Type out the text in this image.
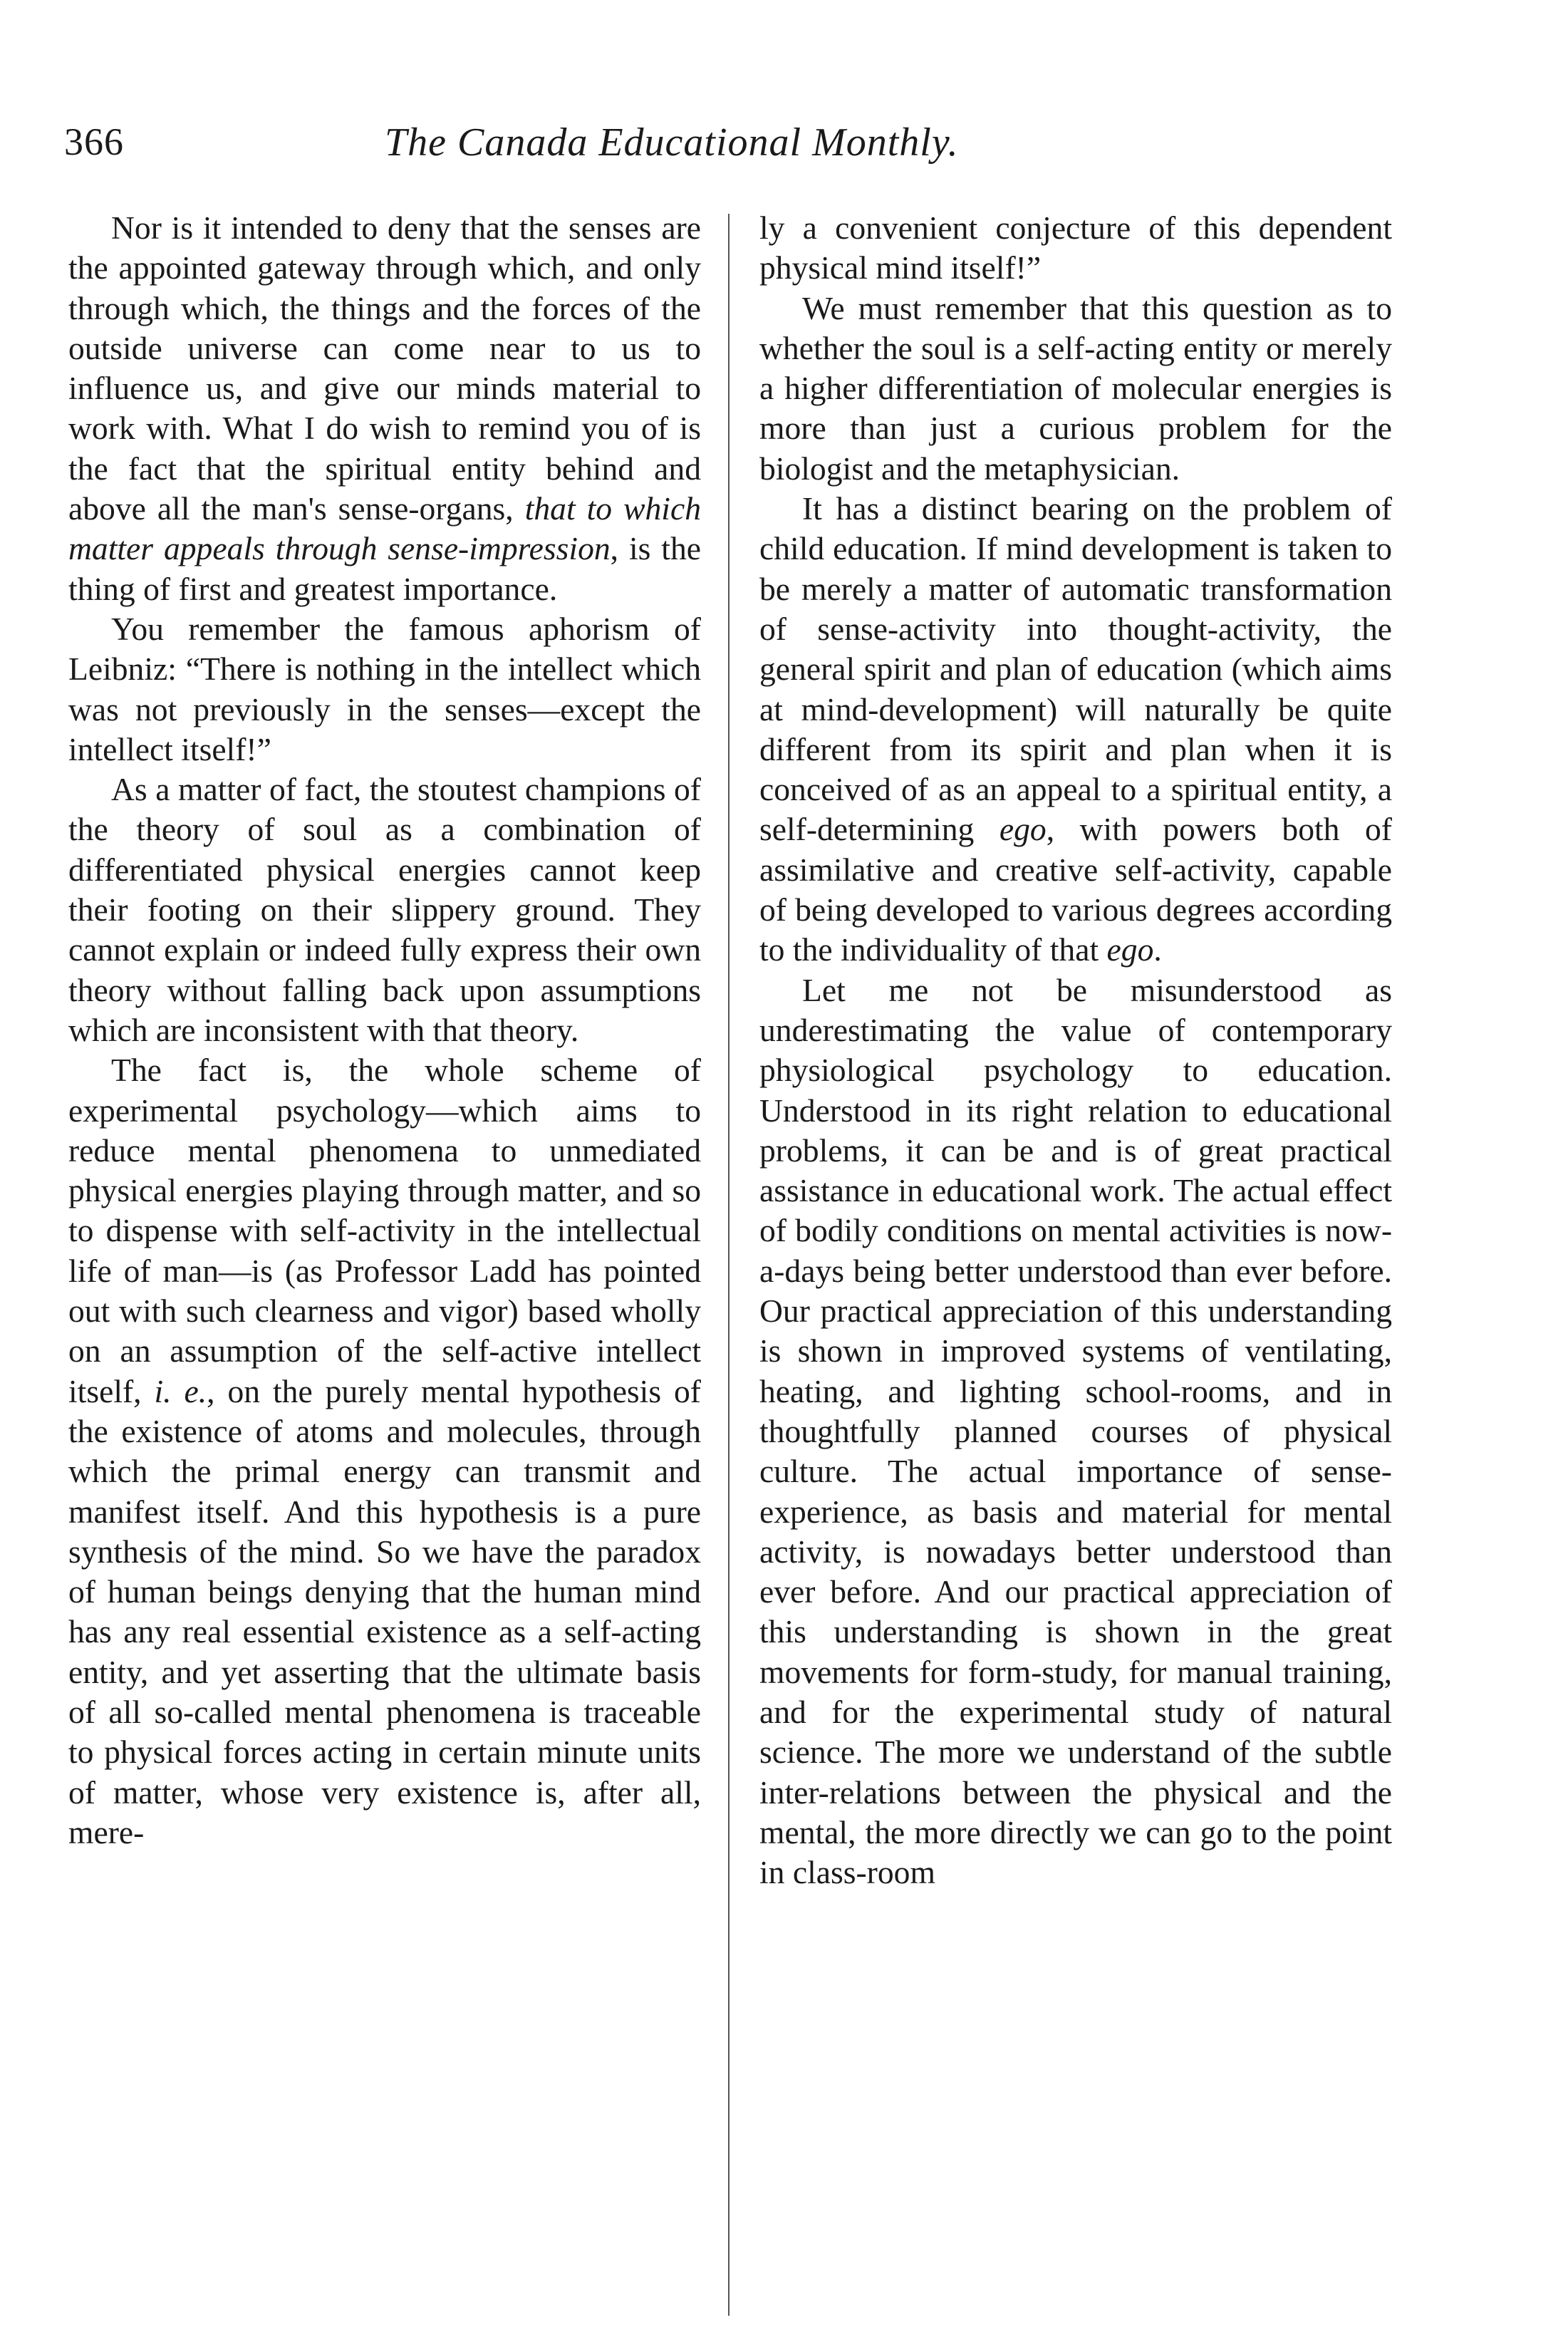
366	The Canada Educational Monthly.

Nor is it intended to deny that the senses are the appointed gateway through which, and only through which, the things and the forces of the outside universe can come near to us to influence us, and give our minds material to work with. What I do wish to remind you of is the fact that the spiritual entity behind and above all the man's sense-organs, that to which matter appeals through sense-impression, is the thing of first and greatest importance.

You remember the famous aphorism of Leibniz: “There is nothing in the intellect which was not previously in the senses—except the intellect itself!”

As a matter of fact, the stoutest champions of the theory of soul as a combination of differentiated physical energies cannot keep their footing on their slippery ground. They cannot explain or indeed fully express their own theory without falling back upon assumptions which are inconsistent with that theory.

The fact is, the whole scheme of experimental psychology—which aims to reduce mental phenomena to unmediated physical energies playing through matter, and so to dispense with self-activity in the intellectual life of man—is (as Professor Ladd has pointed out with such clearness and vigor) based wholly on an assumption of the self-active intellect itself, i. e., on the purely mental hypothesis of the existence of atoms and molecules, through which the primal energy can transmit and manifest itself. And this hypothesis is a pure synthesis of the mind. So we have the paradox of human beings denying that the human mind has any real essential existence as a self-acting entity, and yet asserting that the ultimate basis of all so-called mental phenomena is traceable to physical forces acting in certain minute units of matter, whose very existence is, after all, mere-

ly a convenient conjecture of this dependent physical mind itself!”

We must remember that this question as to whether the soul is a self-acting entity or merely a higher differentiation of molecular energies is more than just a curious problem for the biologist and the metaphysician.

It has a distinct bearing on the problem of child education. If mind development is taken to be merely a matter of automatic transformation of sense-activity into thought-activity, the general spirit and plan of education (which aims at mind-development) will naturally be quite different from its spirit and plan when it is conceived of as an appeal to a spiritual entity, a self-determining ego, with powers both of assimilative and creative self-activity, capable of being developed to various degrees according to the individuality of that ego.

Let me not be misunderstood as underestimating the value of contemporary physiological psychology to education. Understood in its right relation to educational problems, it can be and is of great practical assistance in educational work. The actual effect of bodily conditions on mental activities is now-a-days being better understood than ever before. Our practical appreciation of this understanding is shown in improved systems of ventilating, heating, and lighting school-rooms, and in thoughtfully planned courses of physical culture. The actual importance of sense-experience, as basis and material for mental activity, is nowadays better understood than ever before. And our practical appreciation of this understanding is shown in the great movements for form-study, for manual training, and for the experimental study of natural science. The more we understand of the subtle inter-relations between the physical and the mental, the more directly we can go to the point in class-room
